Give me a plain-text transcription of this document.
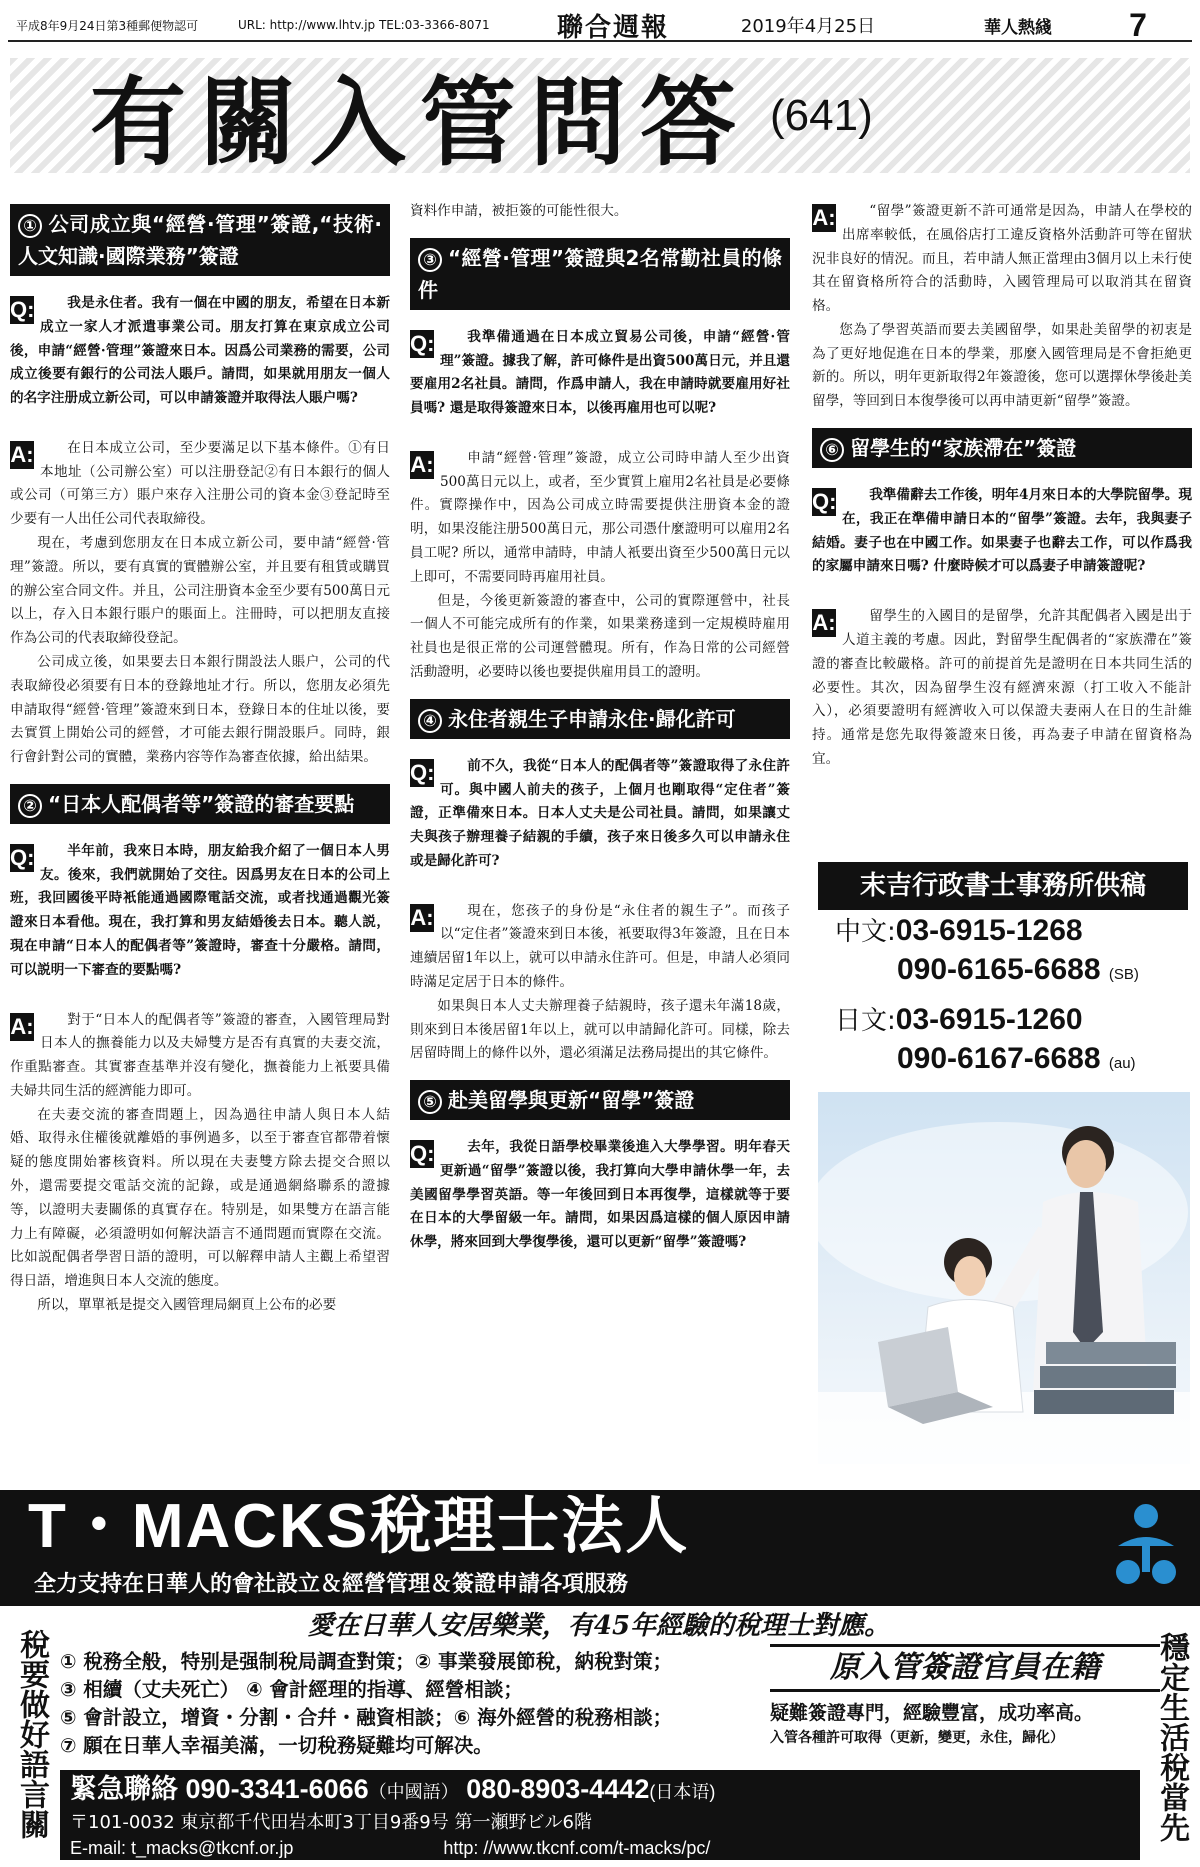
平成8年9月24日第3種郵便物認可	URL: http://www.lhtv.jp TEL:03-3366-8071	聯合週報	2019年4月25日	華人熱綫	7
有關入管問答 (641)
① 公司成立與“經營·管理”簽證,“技術·人文知識·國際業務”簽證
Q:	我是永住者。我有一個在中國的朋友，希望在日本新成立一家人才派遣事業公司。朋友打算在東京成立公司後，申請“經營·管理”簽證來日本。因爲公司業務的需要，公司成立後要有銀行的公司法人賬戶。請問，如果就用朋友一個人的名字注册成立新公司，可以申請簽證并取得法人賬户嗎?

A:	在日本成立公司，至少要滿足以下基本條件。①有日本地址（公司辦公室）可以注册登記②有日本銀行的個人或公司（可第三方）賬户來存入注册公司的資本金③登記時至少要有一人出任公司代表取締役。

現在，考慮到您朋友在日本成立新公司，要申請“經營·管理”簽證。所以，要有真實的實體辦公室，并且要有租賃或購買的辦公室合同文件。并且，公司注册資本金至少要有500萬日元以上，存入日本銀行賬户的賬面上。注冊時，可以把朋友直接作為公司的代表取締役登記。

公司成立後，如果要去日本銀行開設法人賬户，公司的代表取締役必須要有日本的登錄地址才行。所以，您朋友必須先申請取得“經營·管理”簽證來到日本，登錄日本的住址以後，要去實質上開始公司的經營，才可能去銀行開設賬戶。同時，銀行會針對公司的實體，業務内容等作為審查依據，給出結果。

② “日本人配偶者等”簽證的審查要點
Q:	半年前，我來日本時，朋友給我介紹了一個日本人男友。後來，我們就開始了交往。因爲男友在日本的公司上班，我回國後平時衹能通過國際電話交流，或者找通過觀光簽證來日本看他。現在，我打算和男友結婚後去日本。聽人説，現在申請“日本人的配偶者等”簽證時，審查十分嚴格。請問，可以説明一下審查的要點嗎?

A:	對于“日本人的配偶者等”簽證的審查，入國管理局對日本人的撫養能力以及夫婦雙方是否有真實的夫妻交流，作重點審查。其實審查基準并沒有變化，撫養能力上衹要具備夫婦共同生活的經濟能力即可。

在夫妻交流的審查問題上，因為過往申請人與日本人結婚、取得永住權後就離婚的事例過多，以至于審查官都帶着懷疑的態度開始審核資料。所以現在夫妻雙方除去提交合照以外，還需要提交電話交流的記錄，或是通過網絡聯系的證據等，以證明夫妻關係的真實存在。特别是，如果雙方在語言能力上有障礙，必須證明如何解決語言不通問題而實際在交流。比如説配偶者學習日語的證明，可以解釋申請人主觀上希望習得日語，增進與日本人交流的態度。

所以，單單衹是提交入國管理局網頁上公布的必要

資料作申請，被拒簽的可能性很大。

③ “經營·管理”簽證與2名常勤社員的條件
Q:	我準備通過在日本成立貿易公司後，申請“經營·管理”簽證。據我了解，許可條件是出資500萬日元，并且還要雇用2名社員。請問，作爲申請人，我在申請時就要雇用好社員嗎? 還是取得簽證來日本，以後再雇用也可以呢?

A:	申請“經營·管理”簽證，成立公司時申請人至少出資500萬日元以上，或者，至少實質上雇用2名社員是必要條件。實際操作中，因為公司成立時需要提供注册資本金的證明，如果沒能注册500萬日元，那公司憑什麼證明可以雇用2名員工呢? 所以，通常申請時，申請人衹要出資至少500萬日元以上即可，不需要同時再雇用社員。

但是，今後更新簽證的審查中，公司的實際運營中，社長一個人不可能完成所有的作業，如果業務達到一定規模時雇用社員也是很正常的公司運營體現。所有，作為日常的公司經營活動證明，必要時以後也要提供雇用員工的證明。

④ 永住者親生子申請永住·歸化許可
Q:	前不久，我從“日本人的配偶者等”簽證取得了永住許可。與中國人前夫的孩子，上個月也剛取得“定住者”簽證，正準備來日本。日本人丈夫是公司社員。請問，如果讓丈夫與孩子辦理養子結親的手續，孩子來日後多久可以申請永住或是歸化許可?

A:	現在，您孩子的身份是“永住者的親生子”。而孩子以“定住者”簽證來到日本後，衹要取得3年簽證，且在日本連續居留1年以上，就可以申請永住許可。但是，申請人必須同時滿足定居于日本的條件。

如果與日本人丈夫辦理養子結親時，孩子還未年滿18歲，則來到日本後居留1年以上，就可以申請歸化許可。同樣，除去居留時間上的條件以外，還必須滿足法務局提出的其它條件。

⑤ 赴美留學與更新“留學”簽證
Q:	去年，我從日語學校畢業後進入大學學習。明年春天更新過“留學”簽證以後，我打算向大學申請休學一年，去美國留學學習英語。等一年後回到日本再復學，這樣就等于要在日本的大學留級一年。請問，如果因爲這樣的個人原因申請休學，將來回到大學復學後，還可以更新“留學”簽證嗎?

A:	“留學”簽證更新不許可通常是因為，申請人在學校的出席率較低，在風俗店打工違反資格外活動許可等在留狀況非良好的情況。而且，若申請人無正當理由3個月以上未行使其在留資格所符合的活動時，入國管理局可以取消其在留資格。

您為了學習英語而要去美國留學，如果赴美留學的初衷是為了更好地促進在日本的學業，那麼入國管理局是不會拒絶更新的。所以，明年更新取得2年簽證後，您可以選擇休學後赴美留學，等回到日本復學後可以再申請更新“留學”簽證。

⑥ 留學生的“家族滯在”簽證
Q:	我準備辭去工作後，明年4月來日本的大學院留學。現在，我正在準備申請日本的“留學”簽證。去年，我與妻子結婚。妻子也在中國工作。如果妻子也辭去工作，可以作爲我的家屬申請來日嗎? 什麼時候才可以爲妻子申請簽證呢?

A:	留學生的入國目的是留學，允許其配偶者入國是出于人道主義的考慮。因此，對留學生配偶者的“家族滯在”簽證的審查比較嚴格。許可的前提首先是證明在日本共同生活的必要性。其次，因為留學生沒有經濟來源（打工收入不能計入），必須要證明有經濟收入可以保證夫妻兩人在日的生計維持。通常是您先取得簽證來日後，再為妻子申請在留資格為宜。

末吉行政書士事務所供稿
中文:03-6915-1268
090-6165-6688 (SB)
日文:03-6915-1260
090-6167-6688 (au)
T・MACKS稅理士法人
全力支持在日華人的會社設立＆經營管理＆簽證申請各項服務
稅要做好語言關	穩定生活稅當先
愛在日華人安居樂業，有45年經驗的稅理士對應。
① 稅務全般，特别是强制稅局調查對策；② 事業發展節稅，納稅對策；
③ 相續（丈夫死亡） ④ 會計經理的指導、經營相談；
⑤ 會計設立，增資・分割・合幷・融資相談；⑥ 海外經營的稅務相談；
⑦ 願在日華人幸福美滿，一切稅務疑難均可解决。
原入管簽證官員在籍
疑難簽證專門，經驗豐富，成功率高。
入管各種許可取得（更新，變更，永住，歸化）
緊急聯絡 090-3341-6066（中國語） 080-8903-4442(日本语)
〒101-0032 東京都千代田岩本町3丁目9番9号 第一瀬野ビル6階
E-mail: t_macks@tkcnf.or.jp	http: //www.tkcnf.com/t-macks/pc/
